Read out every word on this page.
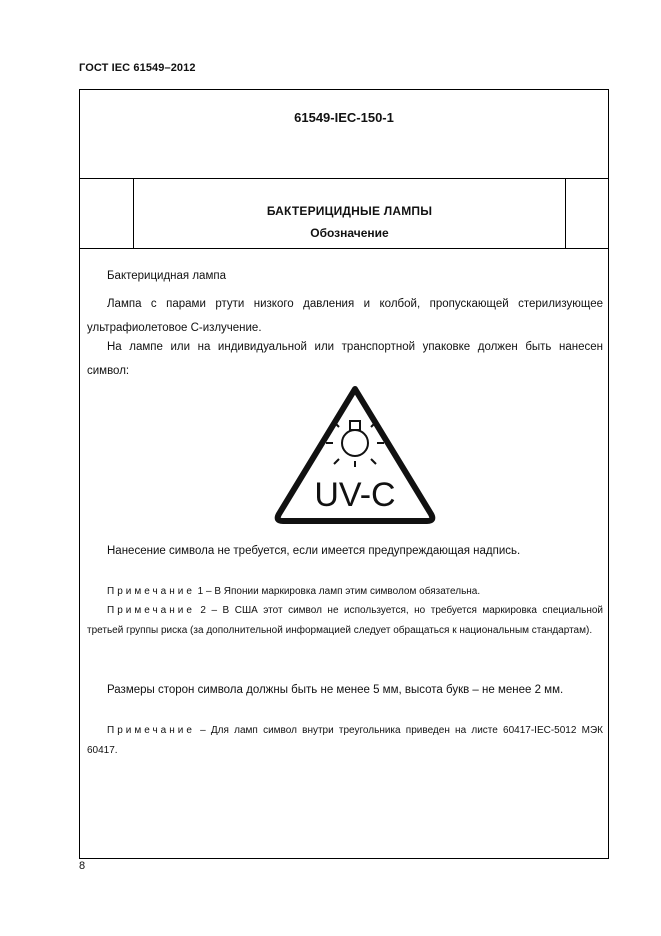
ГОСТ IEC 61549–2012
61549-IEC-150-1
БАКТЕРИЦИДНЫЕ ЛАМПЫ
Обозначение
Бактерицидная лампа
Лампа с парами ртути низкого давления и колбой, пропускающей стерилизующее ультрафиолетовое С-излучение.
На лампе или на индивидуальной или транспортной упаковке должен быть нанесен символ:
UV-C
Нанесение символа не требуется, если имеется предупреждающая надпись.
Примечание 1 – В Японии маркировка ламп этим символом обязательна.
Примечание 2 – В США этот символ не используется, но требуется маркировка специальной третьей группы риска (за дополнительной информацией следует обращаться к национальным стандартам).
Размеры сторон символа должны быть не менее 5 мм, высота букв – не менее 2 мм.
Примечание – Для ламп символ внутри треугольника приведен на листе 60417-IEC-5012 МЭК 60417.
8
